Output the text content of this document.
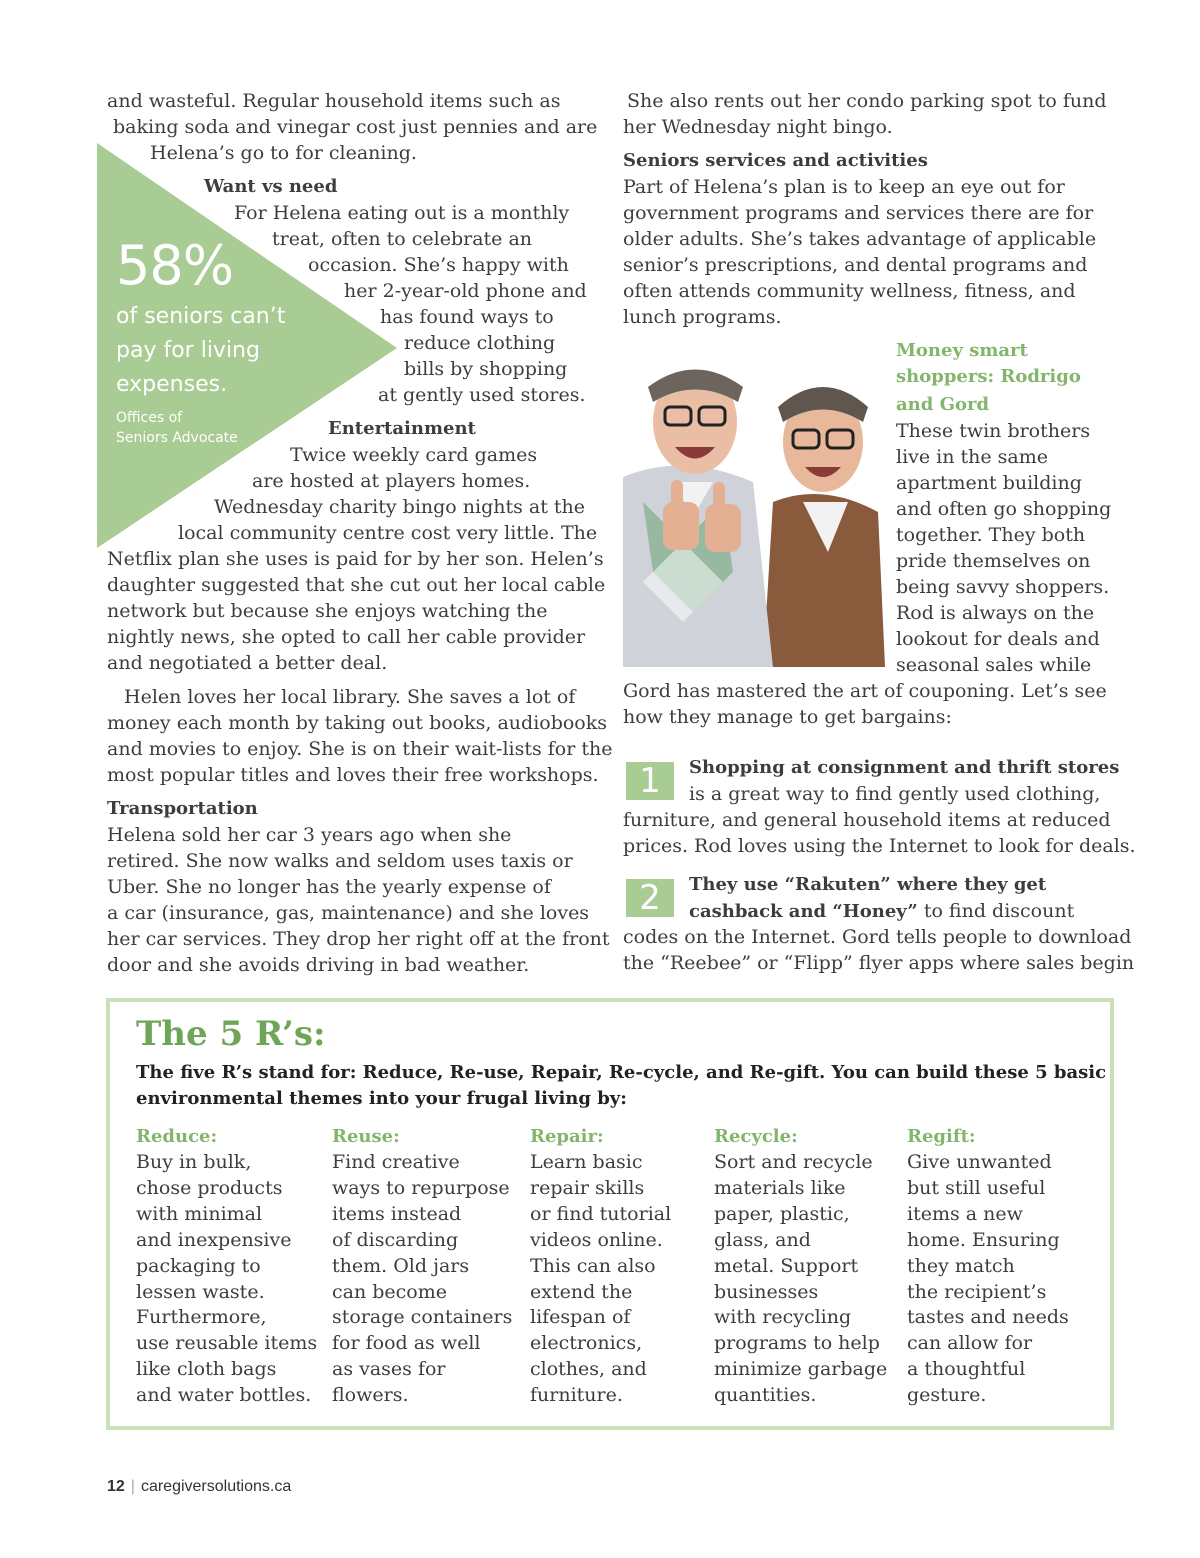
58%
of seniors can’t
pay for living
expenses.
Offices of
Seniors Advocate
and wasteful. Regular household items such as
baking soda and vinegar cost just pennies and are
Helena’s go to for cleaning.
Want vs need
For Helena eating out is a monthly
treat, often to celebrate an
occasion. She’s happy with
her 2-year-old phone and
has found ways to
reduce clothing
bills by shopping
at gently used stores.
Entertainment
Twice weekly card games
are hosted at players homes.
Wednesday charity bingo nights at the
local community centre cost very little. The
Netflix plan she uses is paid for by her son. Helen’s
daughter suggested that she cut out her local cable
network but because she enjoys watching the
nightly news, she opted to call her cable provider
and negotiated a better deal.
Helen loves her local library. She saves a lot of
money each month by taking out books, audiobooks
and movies to enjoy. She is on their wait-lists for the
most popular titles and loves their free workshops.
Transportation
Helena sold her car 3 years ago when she
retired. She now walks and seldom uses taxis or
Uber. She no longer has the yearly expense of
a car (insurance, gas, maintenance) and she loves
her car services. They drop her right off at the front
door and she avoids driving in bad weather.
She also rents out her condo parking spot to fund
her Wednesday night bingo.
Seniors services and activities
Part of Helena’s plan is to keep an eye out for
government programs and services there are for
older adults. She’s takes advantage of applicable
senior’s prescriptions, and dental programs and
often attends community wellness, fitness, and
lunch programs.
Money smart
shoppers: Rodrigo
and Gord
These twin brothers
live in the same
apartment building
and often go shopping
together. They both
pride themselves on
being savvy shoppers.
Rod is always on the
lookout for deals and
seasonal sales while
Gord has mastered the art of couponing. Let’s see
how they manage to get bargains:
1	Shopping at consignment and thrift stores
is a great way to find gently used clothing,
furniture, and general household items at reduced
prices. Rod loves using the Internet to look for deals.
2	They use “Rakuten” where they get
cashback and “Honey” to find discount
codes on the Internet. Gord tells people to download
the “Reebee” or “Flipp” flyer apps where sales begin
The 5 R’s:
The five R’s stand for: Reduce, Re-use, Repair, Re-cycle, and Re-gift. You can build these 5 basic
environmental themes into your frugal living by:
Reduce:
Buy in bulk,
chose products
with minimal
and inexpensive
packaging to
lessen waste.
Furthermore,
use reusable items
like cloth bags
and water bottles.
Reuse:
Find creative
ways to repurpose
items instead
of discarding
them. Old jars
can become
storage containers
for food as well
as vases for
flowers.
Repair:
Learn basic
repair skills
or find tutorial
videos online.
This can also
extend the
lifespan of
electronics,
clothes, and
furniture.
Recycle:
Sort and recycle
materials like
paper, plastic,
glass, and
metal. Support
businesses
with recycling
programs to help
minimize garbage
quantities.
Regift:
Give unwanted
but still useful
items a new
home. Ensuring
they match
the recipient’s
tastes and needs
can allow for
a thoughtful
gesture.
12 | caregiversolutions.ca
